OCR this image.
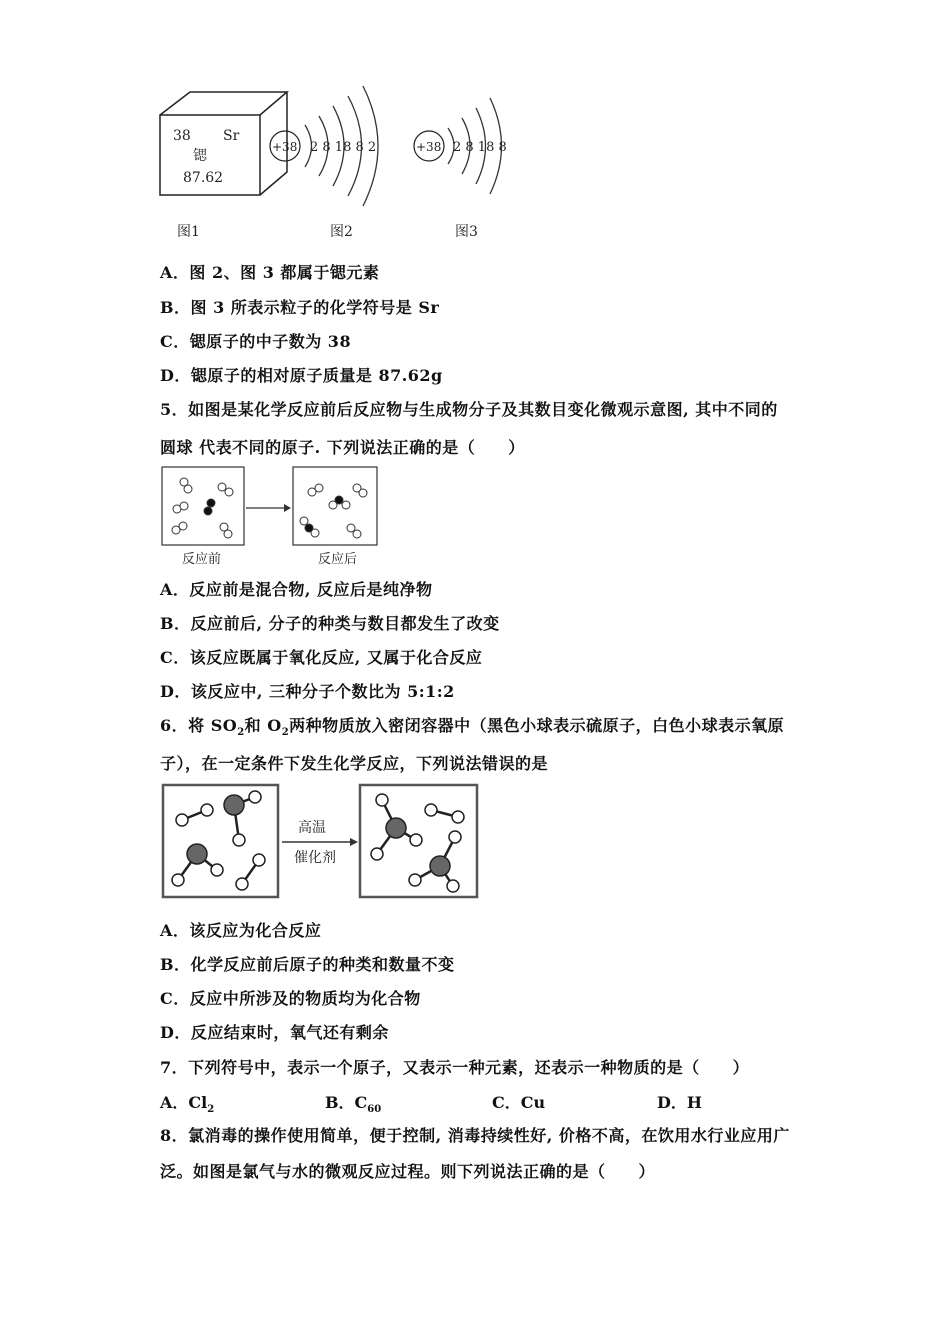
38 Sr
锶
87.62
+38 2 8 18 8 2	+38 2 8 18 8
图1	图2	图3
A．图 2、图 3 都属于锶元素
B．图 3 所表示粒子的化学符号是 Sr
C．锶原子的中子数为 38
D．锶原子的相对原子质量是 87.62g
5．如图是某化学反应前后反应物与生成物分子及其数目变化微观示意图, 其中不同的
圆球 代表不同的原子. 下列说法正确的是（　　）
反应前	反应后
A．反应前是混合物, 反应后是纯净物
B．反应前后, 分子的种类与数目都发生了改变
C．该反应既属于氧化反应, 又属于化合反应
D．该反应中, 三种分子个数比为 5:1:2
6．将 $SO_2$和 $O_2$两种物质放入密闭容器中（黑色小球表示硫原子，白色小球表示氧原
子），在一定条件下发生化学反应，下列说法错误的是
高温
催化剂
A．该反应为化合反应
B．化学反应前后原子的种类和数量不变
C．反应中所涉及的物质均为化合物
D．反应结束时，氧气还有剩余
7．下列符号中，表示一个原子，又表示一种元素，还表示一种物质的是（　　）
A．$Cl_2$	B．$C_{60}$	C．Cu	D．H
8．氯消毒的操作使用简单，便于控制, 消毒持续性好, 价格不高，在饮用水行业应用广
泛。如图是氯气与水的微观反应过程。则下列说法正确的是（　　）
